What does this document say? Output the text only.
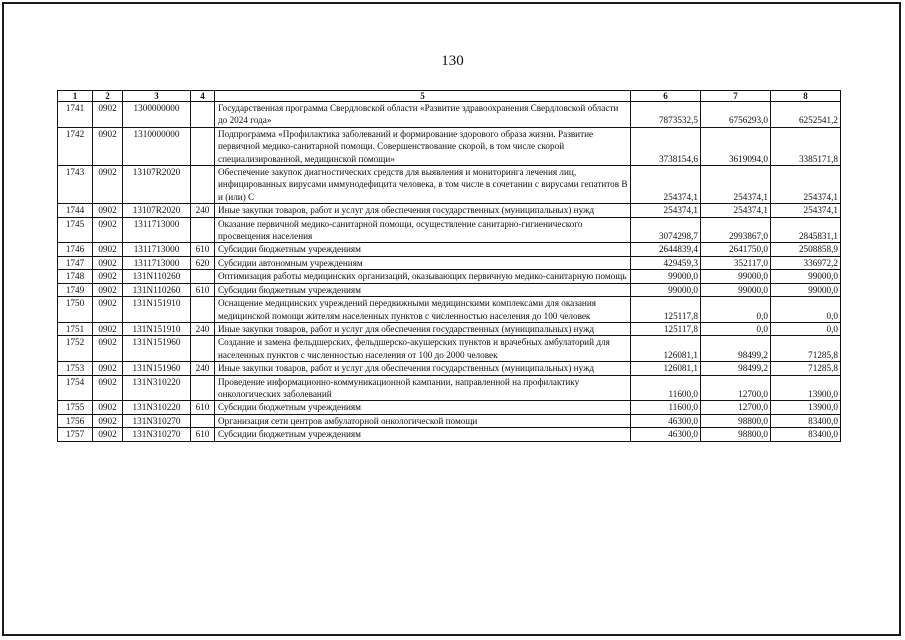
130
1	2	3	4	5	6	7	8
1741	0902	1300000000		Государственная программа Свердловской области «Развитие здравоохранения Свердловской области до 2024 года»	7873532,5	6756293,0	6252541,2
1742	0902	1310000000		Подпрограмма «Профилактика заболеваний и формирование здорового образа жизни. Развитие первичной медико-санитарной помощи. Совершенствование скорой, в том числе скорой специализированной, медицинской помощи»	3738154,6	3619094,0	3385171,8
1743	0902	13107R2020		Обеспечение закупок диагностических средств для выявления и мониторинга лечения лиц, инфицированных вирусами иммунодефицита человека, в том числе в сочетании с вирусами гепатитов В и (или) С	254374,1	254374,1	254374,1
1744	0902	13107R2020	240	Иные закупки товаров, работ и услуг для обеспечения государственных (муниципальных) нужд	254374,1	254374,1	254374,1
1745	0902	1311713000		Оказание первичной медико-санитарной помощи, осуществление санитарно-гигиенического просвещения населения	3074298,7	2993867,0	2845831,1
1746	0902	1311713000	610	Субсидии бюджетным учреждениям	2644839,4	2641750,0	2508858,9
1747	0902	1311713000	620	Субсидии автономным учреждениям	429459,3	352117,0	336972,2
1748	0902	131N110260		Оптимизация работы медицинских организаций, оказывающих первичную медико-санитарную помощь	99000,0	99000,0	99000,0
1749	0902	131N110260	610	Субсидии бюджетным учреждениям	99000,0	99000,0	99000,0
1750	0902	131N151910		Оснащение медицинских учреждений передвижными медицинскими комплексами для оказания медицинской помощи жителям населенных пунктов с численностью населения до 100 человек	125117,8	0,0	0,0
1751	0902	131N151910	240	Иные закупки товаров, работ и услуг для обеспечения государственных (муниципальных) нужд	125117,8	0,0	0,0
1752	0902	131N151960		Создание и замена фельдшерских, фельдшерско-акушерских пунктов и врачебных амбулаторий для населенных пунктов с численностью населения от 100 до 2000 человек	126081,1	98499,2	71285,8
1753	0902	131N151960	240	Иные закупки товаров, работ и услуг для обеспечения государственных (муниципальных) нужд	126081,1	98499,2	71285,8
1754	0902	131N310220		Проведение информационно-коммуникационной кампании, направленной на профилактику онкологических заболеваний	11600,0	12700,0	13900,0
1755	0902	131N310220	610	Субсидии бюджетным учреждениям	11600,0	12700,0	13900,0
1756	0902	131N310270		Организация сети центров амбулаторной онкологической помощи	46300,0	98800,0	83400,0
1757	0902	131N310270	610	Субсидии бюджетным учреждениям	46300,0	98800,0	83400,0
